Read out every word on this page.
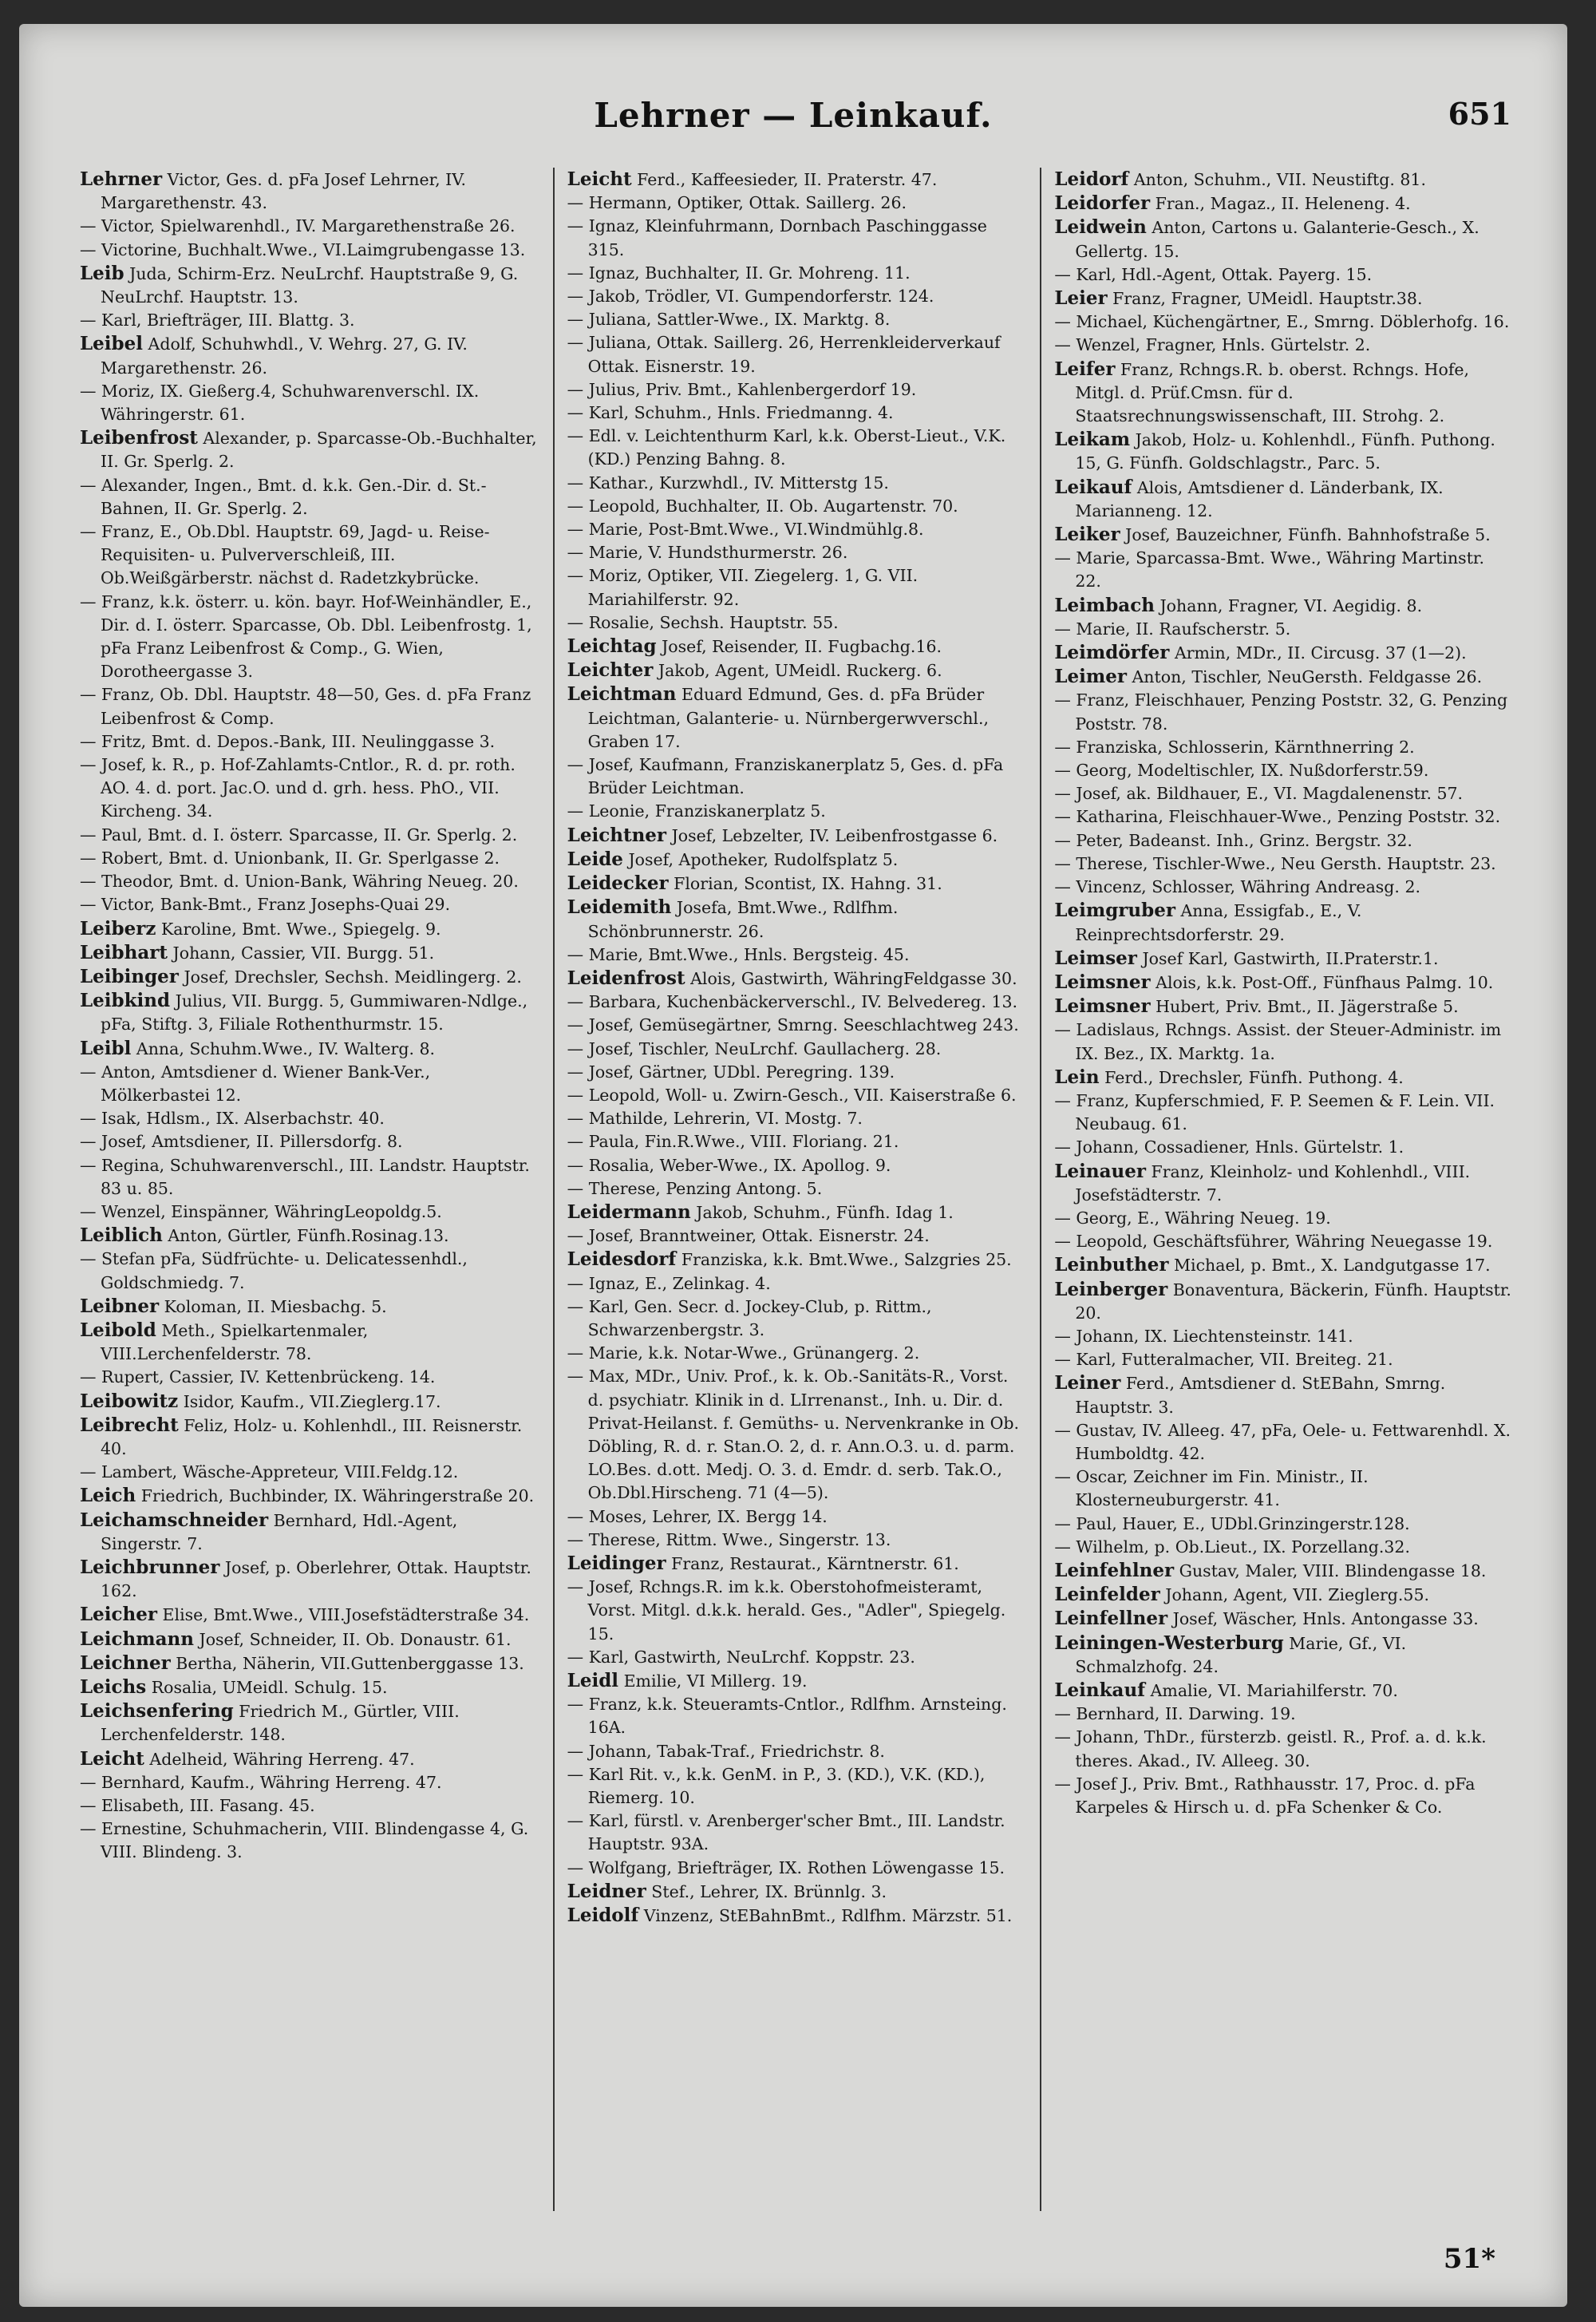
Lehrner — Leinkauf.	651

Lehrner Victor, Ges. d. pFa Josef Lehrner, IV. Margarethenstr. 43.

— Victor, Spielwarenhdl., IV. Margarethenstraße 26.

— Victorine, Buchhalt.Wwe., VI.Laimgrubengasse 13.

Leib Juda, Schirm-Erz. NeuLrchf. Hauptstraße 9, G. NeuLrchf. Hauptstr. 13.

— Karl, Briefträger, III. Blattg. 3.

Leibel Adolf, Schuhwhdl., V. Wehrg. 27, G. IV. Margarethenstr. 26.

— Moriz, IX. Gießerg.4, Schuhwarenverschl. IX. Währingerstr. 61.

Leibenfrost Alexander, p. Sparcasse-Ob.-Buchhalter, II. Gr. Sperlg. 2.

— Alexander, Ingen., Bmt. d. k.k. Gen.-Dir. d. St.-Bahnen, II. Gr. Sperlg. 2.

— Franz, E., Ob.Dbl. Hauptstr. 69, Jagd- u. Reise-Requisiten- u. Pulververschleiß, III. Ob.Weißgärberstr. nächst d. Radetzkybrücke.

— Franz, k.k. österr. u. kön. bayr. Hof-Weinhändler, E., Dir. d. I. österr. Sparcasse, Ob. Dbl. Leibenfrostg. 1, pFa Franz Leibenfrost & Comp., G. Wien, Dorotheergasse 3.

— Franz, Ob. Dbl. Hauptstr. 48—50, Ges. d. pFa Franz Leibenfrost & Comp.

— Fritz, Bmt. d. Depos.-Bank, III. Neulinggasse 3.

— Josef, k. R., p. Hof-Zahlamts-Cntlor., R. d. pr. roth. AO. 4. d. port. Jac.O. und d. grh. hess. PhO., VII. Kircheng. 34.

— Paul, Bmt. d. I. österr. Sparcasse, II. Gr. Sperlg. 2.

— Robert, Bmt. d. Unionbank, II. Gr. Sperlgasse 2.

— Theodor, Bmt. d. Union-Bank, Währing Neueg. 20.

— Victor, Bank-Bmt., Franz Josephs-Quai 29.

Leiberz Karoline, Bmt. Wwe., Spiegelg. 9.

Leibhart Johann, Cassier, VII. Burgg. 51.

Leibinger Josef, Drechsler, Sechsh. Meidlingerg. 2.

Leibkind Julius, VII. Burgg. 5, Gummiwaren-Ndlge., pFa, Stiftg. 3, Filiale Rothenthurmstr. 15.

Leibl Anna, Schuhm.Wwe., IV. Walterg. 8.

— Anton, Amtsdiener d. Wiener Bank-Ver., Mölkerbastei 12.

— Isak, Hdlsm., IX. Alserbachstr. 40.

— Josef, Amtsdiener, II. Pillersdorfg. 8.

— Regina, Schuhwarenverschl., III. Landstr. Hauptstr. 83 u. 85.

— Wenzel, Einspänner, WähringLeopoldg.5.

Leiblich Anton, Gürtler, Fünfh.Rosinag.13.

— Stefan pFa, Südfrüchte- u. Delicatessenhdl., Goldschmiedg. 7.

Leibner Koloman, II. Miesbachg. 5.

Leibold Meth., Spielkartenmaler, VIII.Lerchenfelderstr. 78.

— Rupert, Cassier, IV. Kettenbrückeng. 14.

Leibowitz Isidor, Kaufm., VII.Zieglerg.17.

Leibrecht Feliz, Holz- u. Kohlenhdl., III. Reisnerstr. 40.

— Lambert, Wäsche-Appreteur, VIII.Feldg.12.

Leich Friedrich, Buchbinder, IX. Währingerstraße 20.

Leichamschneider Bernhard, Hdl.-Agent, Singerstr. 7.

Leichbrunner Josef, p. Oberlehrer, Ottak. Hauptstr. 162.

Leicher Elise, Bmt.Wwe., VIII.Josefstädterstraße 34.

Leichmann Josef, Schneider, II. Ob. Donaustr. 61.

Leichner Bertha, Näherin, VII.Guttenberggasse 13.

Leichs Rosalia, UMeidl. Schulg. 15.

Leichsenfering Friedrich M., Gürtler, VIII. Lerchenfelderstr. 148.

Leicht Adelheid, Währing Herreng. 47.

— Bernhard, Kaufm., Währing Herreng. 47.

— Elisabeth, III. Fasang. 45.

— Ernestine, Schuhmacherin, VIII. Blindengasse 4, G. VIII. Blindeng. 3.

Leicht Ferd., Kaffeesieder, II. Praterstr. 47.

— Hermann, Optiker, Ottak. Saillerg. 26.

— Ignaz, Kleinfuhrmann, Dornbach Paschinggasse 315.

— Ignaz, Buchhalter, II. Gr. Mohreng. 11.

— Jakob, Trödler, VI. Gumpendorferstr. 124.

— Juliana, Sattler-Wwe., IX. Marktg. 8.

— Juliana, Ottak. Saillerg. 26, Herrenkleiderverkauf Ottak. Eisnerstr. 19.

— Julius, Priv. Bmt., Kahlenbergerdorf 19.

— Karl, Schuhm., Hnls. Friedmanng. 4.

— Edl. v. Leichtenthurm Karl, k.k. Oberst-Lieut., V.K. (KD.) Penzing Bahng. 8.

— Kathar., Kurzwhdl., IV. Mitterstg 15.

— Leopold, Buchhalter, II. Ob. Augartenstr. 70.

— Marie, Post-Bmt.Wwe., VI.Windmühlg.8.

— Marie, V. Hundsthurmerstr. 26.

— Moriz, Optiker, VII. Ziegelerg. 1, G. VII. Mariahilferstr. 92.

— Rosalie, Sechsh. Hauptstr. 55.

Leichtag Josef, Reisender, II. Fugbachg.16.

Leichter Jakob, Agent, UMeidl. Ruckerg. 6.

Leichtman Eduard Edmund, Ges. d. pFa Brüder Leichtman, Galanterie- u. Nürnbergerwverschl., Graben 17.

— Josef, Kaufmann, Franziskanerplatz 5, Ges. d. pFa Brüder Leichtman.

— Leonie, Franziskanerplatz 5.

Leichtner Josef, Lebzelter, IV. Leibenfrostgasse 6.

Leide Josef, Apotheker, Rudolfsplatz 5.

Leidecker Florian, Scontist, IX. Hahng. 31.

Leidemith Josefa, Bmt.Wwe., Rdlfhm. Schönbrunnerstr. 26.

— Marie, Bmt.Wwe., Hnls. Bergsteig. 45.

Leidenfrost Alois, Gastwirth, WähringFeldgasse 30.

— Barbara, Kuchenbäckerverschl., IV. Belvedereg. 13.

— Josef, Gemüsegärtner, Smrng. Seeschlachtweg 243.

— Josef, Tischler, NeuLrchf. Gaullacherg. 28.

— Josef, Gärtner, UDbl. Peregring. 139.

— Leopold, Woll- u. Zwirn-Gesch., VII. Kaiserstraße 6.

— Mathilde, Lehrerin, VI. Mostg. 7.

— Paula, Fin.R.Wwe., VIII. Floriang. 21.

— Rosalia, Weber-Wwe., IX. Apollog. 9.

— Therese, Penzing Antong. 5.

Leidermann Jakob, Schuhm., Fünfh. Idag 1.

— Josef, Branntweiner, Ottak. Eisnerstr. 24.

Leidesdorf Franziska, k.k. Bmt.Wwe., Salzgries 25.

— Ignaz, E., Zelinkag. 4.

— Karl, Gen. Secr. d. Jockey-Club, p. Rittm., Schwarzenbergstr. 3.

— Marie, k.k. Notar-Wwe., Grünangerg. 2.

— Max, MDr., Univ. Prof., k. k. Ob.-Sanitäts-R., Vorst. d. psychiatr. Klinik in d. LIrrenanst., Inh. u. Dir. d. Privat-Heilanst. f. Gemüths- u. Nervenkranke in Ob. Döbling, R. d. r. Stan.O. 2, d. r. Ann.O.3. u. d. parm. LO.Bes. d.ott. Medj. O. 3. d. Emdr. d. serb. Tak.O., Ob.Dbl.Hirscheng. 71 (4—5).

— Moses, Lehrer, IX. Bergg 14.

— Therese, Rittm. Wwe., Singerstr. 13.

Leidinger Franz, Restaurat., Kärntnerstr. 61.

— Josef, Rchngs.R. im k.k. Oberstohofmeisteramt, Vorst. Mitgl. d.k.k. herald. Ges., "Adler", Spiegelg. 15.

— Karl, Gastwirth, NeuLrchf. Koppstr. 23.

Leidl Emilie, VI Millerg. 19.

— Franz, k.k. Steueramts-Cntlor., Rdlfhm. Arnsteing. 16A.

— Johann, Tabak-Traf., Friedrichstr. 8.

— Karl Rit. v., k.k. GenM. in P., 3. (KD.), V.K. (KD.), Riemerg. 10.

— Karl, fürstl. v. Arenberger'scher Bmt., III. Landstr. Hauptstr. 93A.

— Wolfgang, Briefträger, IX. Rothen Löwengasse 15.

Leidner Stef., Lehrer, IX. Brünnlg. 3.

Leidolf Vinzenz, StEBahnBmt., Rdlfhm. Märzstr. 51.

Leidorf Anton, Schuhm., VII. Neustiftg. 81.

Leidorfer Fran., Magaz., II. Heleneng. 4.

Leidwein Anton, Cartons u. Galanterie-Gesch., X. Gellertg. 15.

— Karl, Hdl.-Agent, Ottak. Payerg. 15.

Leier Franz, Fragner, UMeidl. Hauptstr.38.

— Michael, Küchengärtner, E., Smrng. Döblerhofg. 16.

— Wenzel, Fragner, Hnls. Gürtelstr. 2.

Leifer Franz, Rchngs.R. b. oberst. Rchngs. Hofe, Mitgl. d. Prüf.Cmsn. für d. Staatsrechnungswissenschaft, III. Strohg. 2.

Leikam Jakob, Holz- u. Kohlenhdl., Fünfh. Puthong. 15, G. Fünfh. Goldschlagstr., Parc. 5.

Leikauf Alois, Amtsdiener d. Länderbank, IX. Marianneng. 12.

Leiker Josef, Bauzeichner, Fünfh. Bahnhofstraße 5.

— Marie, Sparcassa-Bmt. Wwe., Währing Martinstr. 22.

Leimbach Johann, Fragner, VI. Aegidig. 8.

— Marie, II. Raufscherstr. 5.

Leimdörfer Armin, MDr., II. Circusg. 37 (1—2).

Leimer Anton, Tischler, NeuGersth. Feldgasse 26.

— Franz, Fleischhauer, Penzing Poststr. 32, G. Penzing Poststr. 78.

— Franziska, Schlosserin, Kärnthnerring 2.

— Georg, Modeltischler, IX. Nußdorferstr.59.

— Josef, ak. Bildhauer, E., VI. Magdalenenstr. 57.

— Katharina, Fleischhauer-Wwe., Penzing Poststr. 32.

— Peter, Badeanst. Inh., Grinz. Bergstr. 32.

— Therese, Tischler-Wwe., Neu Gersth. Hauptstr. 23.

— Vincenz, Schlosser, Währing Andreasg. 2.

Leimgruber Anna, Essigfab., E., V. Reinprechtsdorferstr. 29.

Leimser Josef Karl, Gastwirth, II.Praterstr.1.

Leimsner Alois, k.k. Post-Off., Fünfhaus Palmg. 10.

Leimsner Hubert, Priv. Bmt., II. Jägerstraße 5.

— Ladislaus, Rchngs. Assist. der Steuer-Administr. im IX. Bez., IX. Marktg. 1a.

Lein Ferd., Drechsler, Fünfh. Puthong. 4.

— Franz, Kupferschmied, F. P. Seemen & F. Lein. VII. Neubaug. 61.

— Johann, Cossadiener, Hnls. Gürtelstr. 1.

Leinauer Franz, Kleinholz- und Kohlenhdl., VIII. Josefstädterstr. 7.

— Georg, E., Währing Neueg. 19.

— Leopold, Geschäftsführer, Währing Neuegasse 19.

Leinbuther Michael, p. Bmt., X. Landgutgasse 17.

Leinberger Bonaventura, Bäckerin, Fünfh. Hauptstr. 20.

— Johann, IX. Liechtensteinstr. 141.

— Karl, Futteralmacher, VII. Breiteg. 21.

Leiner Ferd., Amtsdiener d. StEBahn, Smrng. Hauptstr. 3.

— Gustav, IV. Alleeg. 47, pFa, Oele- u. Fettwarenhdl. X. Humboldtg. 42.

— Oscar, Zeichner im Fin. Ministr., II. Klosterneuburgerstr. 41.

— Paul, Hauer, E., UDbl.Grinzingerstr.128.

— Wilhelm, p. Ob.Lieut., IX. Porzellang.32.

Leinfehlner Gustav, Maler, VIII. Blindengasse 18.

Leinfelder Johann, Agent, VII. Zieglerg.55.

Leinfellner Josef, Wäscher, Hnls. Antongasse 33.

Leiningen-Westerburg Marie, Gf., VI. Schmalzhofg. 24.

Leinkauf Amalie, VI. Mariahilferstr. 70.

— Bernhard, II. Darwing. 19.

— Johann, ThDr., fürsterzb. geistl. R., Prof. a. d. k.k. theres. Akad., IV. Alleeg. 30.

— Josef J., Priv. Bmt., Rathhausstr. 17, Proc. d. pFa Karpeles & Hirsch u. d. pFa Schenker & Co.

51*
